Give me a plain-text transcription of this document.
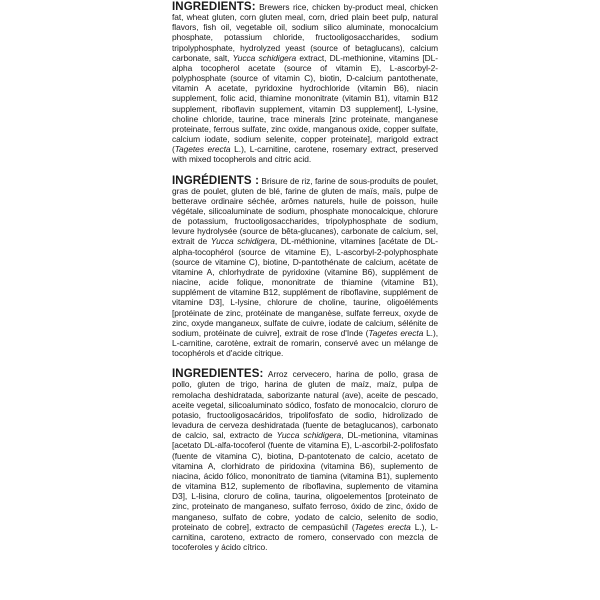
INGREDIENTS: Brewers rice, chicken by-product meal, chicken fat, wheat gluten, corn gluten meal, corn, dried plain beet pulp, natural flavors, fish oil, vegetable oil, sodium silico aluminate, monocalcium phosphate, potassium chloride, fructooligosaccharides, sodium tripolyphosphate, hydrolyzed yeast (source of betaglucans), calcium carbonate, salt, Yucca schidigera extract, DL-methionine, vitamins [DL-alpha tocopherol acetate (source of vitamin E), L-ascorbyl-2-polyphosphate (source of vitamin C), biotin, D-calcium pantothenate, vitamin A acetate, pyridoxine hydrochloride (vitamin B6), niacin supplement, folic acid, thiamine mononitrate (vitamin B1), vitamin B12 supplement, riboflavin supplement, vitamin D3 supplement], L-lysine, choline chloride, taurine, trace minerals [zinc proteinate, manganese proteinate, ferrous sulfate, zinc oxide, manganous oxide, copper sulfate, calcium iodate, sodium selenite, copper proteinate], marigold extract (Tagetes erecta L.), L-carnitine, carotene, rosemary extract, preserved with mixed tocopherols and citric acid.
INGRÉDIENTS : Brisure de riz, farine de sous-produits de poulet, gras de poulet, gluten de blé, farine de gluten de maïs, maïs, pulpe de betterave ordinaire séchée, arômes naturels, huile de poisson, huile végétale, silicoaluminate de sodium, phosphate monocalcique, chlorure de potassium, fructooligosaccharides, tripolyphosphate de sodium, levure hydrolysée (source de bêta-glucanes), carbonate de calcium, sel, extrait de Yucca schidigera, DL-méthionine, vitamines [acétate de DL-alpha-tocophérol (source de vitamine E), L-ascorbyl-2-polyphosphate (source de vitamine C), biotine, D-pantothénate de calcium, acétate de vitamine A, chlorhydrate de pyridoxine (vitamine B6), supplément de niacine, acide folique, mononitrate de thiamine (vitamine B1), supplément de vitamine B12, supplément de riboflavine, supplément de vitamine D3], L-lysine, chlorure de choline, taurine, oligoéléments [protéinate de zinc, protéinate de manganèse, sulfate ferreux, oxyde de zinc, oxyde manganeux, sulfate de cuivre, iodate de calcium, sélénite de sodium, protéinate de cuivre], extrait de rose d'Inde (Tagetes erecta L.), L-carnitine, carotène, extrait de romarin, conservé avec un mélange de tocophérols et d'acide citrique.
INGREDIENTES: Arroz cervecero, harina de pollo, grasa de pollo, gluten de trigo, harina de gluten de maíz, maíz, pulpa de remolacha deshidratada, saborizante natural (ave), aceite de pescado, aceite vegetal, silicoaluminato sódico, fosfato de monocalcio, cloruro de potasio, fructooligosacáridos, tripolifosfato de sodio, hidrolizado de levadura de cerveza deshidratada (fuente de betaglucanos), carbonato de calcio, sal, extracto de Yucca schidigera, DL-metionina, vitaminas [acetato DL-alfa-tocoferol (fuente de vitamina E), L-ascorbil-2-polifosfato (fuente de vitamina C), biotina, D-pantotenato de calcio, acetato de vitamina A, clorhidrato de piridoxina (vitamina B6), suplemento de niacina, ácido fólico, mononitrato de tiamina (vitamina B1), suplemento de vitamina B12, suplemento de riboflavina, suplemento de vitamina D3], L-lisina, cloruro de colina, taurina, oligoelementos [proteinato de zinc, proteinato de manganeso, sulfato ferroso, óxido de zinc, óxido de manganeso, sulfato de cobre, yodato de calcio, selenito de sodio, proteinato de cobre], extracto de cempasúchil (Tagetes erecta L.), L-carnitina, caroteno, extracto de romero, conservado con mezcla de tocoferoles y ácido cítrico.
